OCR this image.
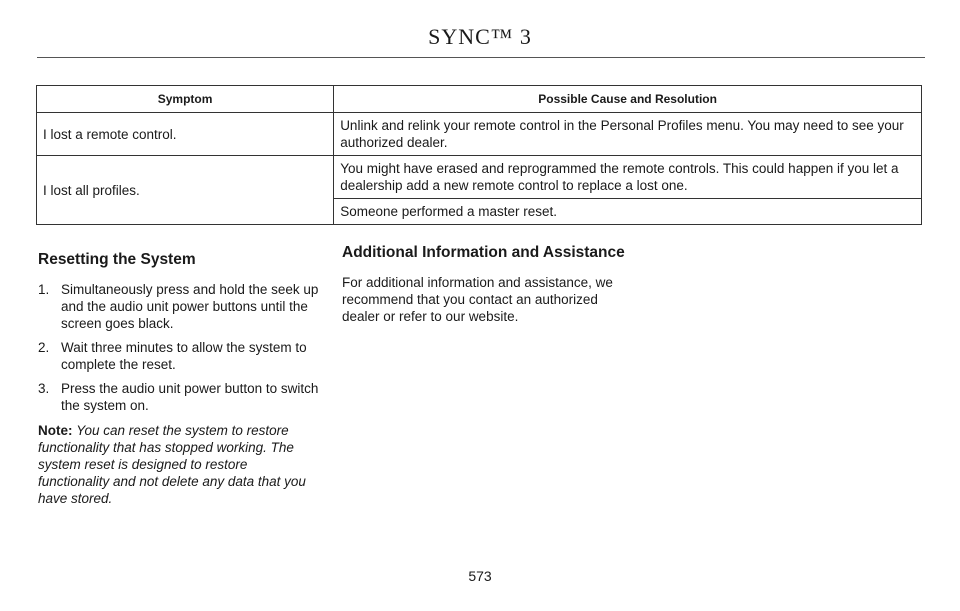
SYNC™ 3
Symptom	Possible Cause and Resolution
I lost a remote control.	Unlink and relink your remote control in the Personal Profiles menu. You may need to see your authorized dealer.
I lost all profiles.	You might have erased and reprogrammed the remote controls. This could happen if you let a dealership add a new remote control to replace a lost one.
	Someone performed a master reset.
Resetting the System
1. Simultaneously press and hold the seek up and the audio unit power buttons until the screen goes black.
2. Wait three minutes to allow the system to complete the reset.
3. Press the audio unit power button to switch the system on.
Note: You can reset the system to restore functionality that has stopped working. The system reset is designed to restore functionality and not delete any data that you have stored.
Additional Information and Assistance

For additional information and assistance, we recommend that you contact an authorized dealer or refer to our website.

573
